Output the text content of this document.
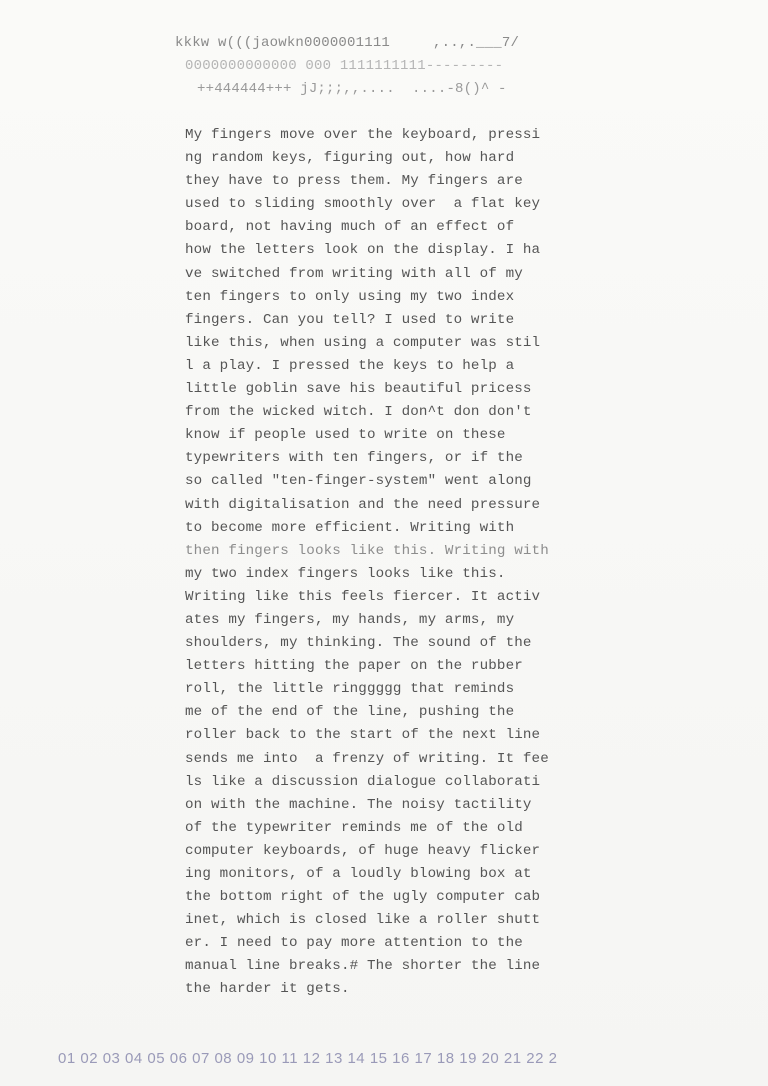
kkkw w(((jaowkn0000001111     ,..,.___7/
0000000000000 000 1111111111---------
++444444+++ jJ;;;,,....  ....-8()^ -
My fingers move over the keyboard, pressi
ng random keys, figuring out, how hard
they have to press them. My fingers are
used to sliding smoothly over  a flat key
board, not having much of an effect of
how the letters look on the display. I ha
ve switched from writing with all of my
ten fingers to only using my two index
fingers. Can you tell? I used to write
like this, when using a computer was stil
l a play. I pressed the keys to help a
little goblin save his beautiful pricess
from the wicked witch. I don^t don don't
know if people used to write on these
typewriters with ten fingers, or if the
so called "ten-finger-system" went along
with digitalisation and the need pressure
to become more efficient. Writing with
then fingers looks like this. Writing with
my two index fingers looks like this.
Writing like this feels fiercer. It activ
ates my fingers, my hands, my arms, my
shoulders, my thinking. The sound of the
letters hitting the paper on the rubber
roll, the little ringgggg that reminds
me of the end of the line, pushing the
roller back to the start of the next line
sends me into  a frenzy of writing. It fee
ls like a discussion dialogue collaborati
on with the machine. The noisy tactility
of the typewriter reminds me of the old
computer keyboards, of huge heavy flicker
ing monitors, of a loudly blowing box at
the bottom right of the ugly computer cab
inet, which is closed like a roller shutt
er. I need to pay more attention to the
manual line breaks.# The shorter the line
the harder it gets.
01 02 03 04 05 06 07 08 09 10 11 12 13 14 15 16 17 18 19 20 21 22 2
